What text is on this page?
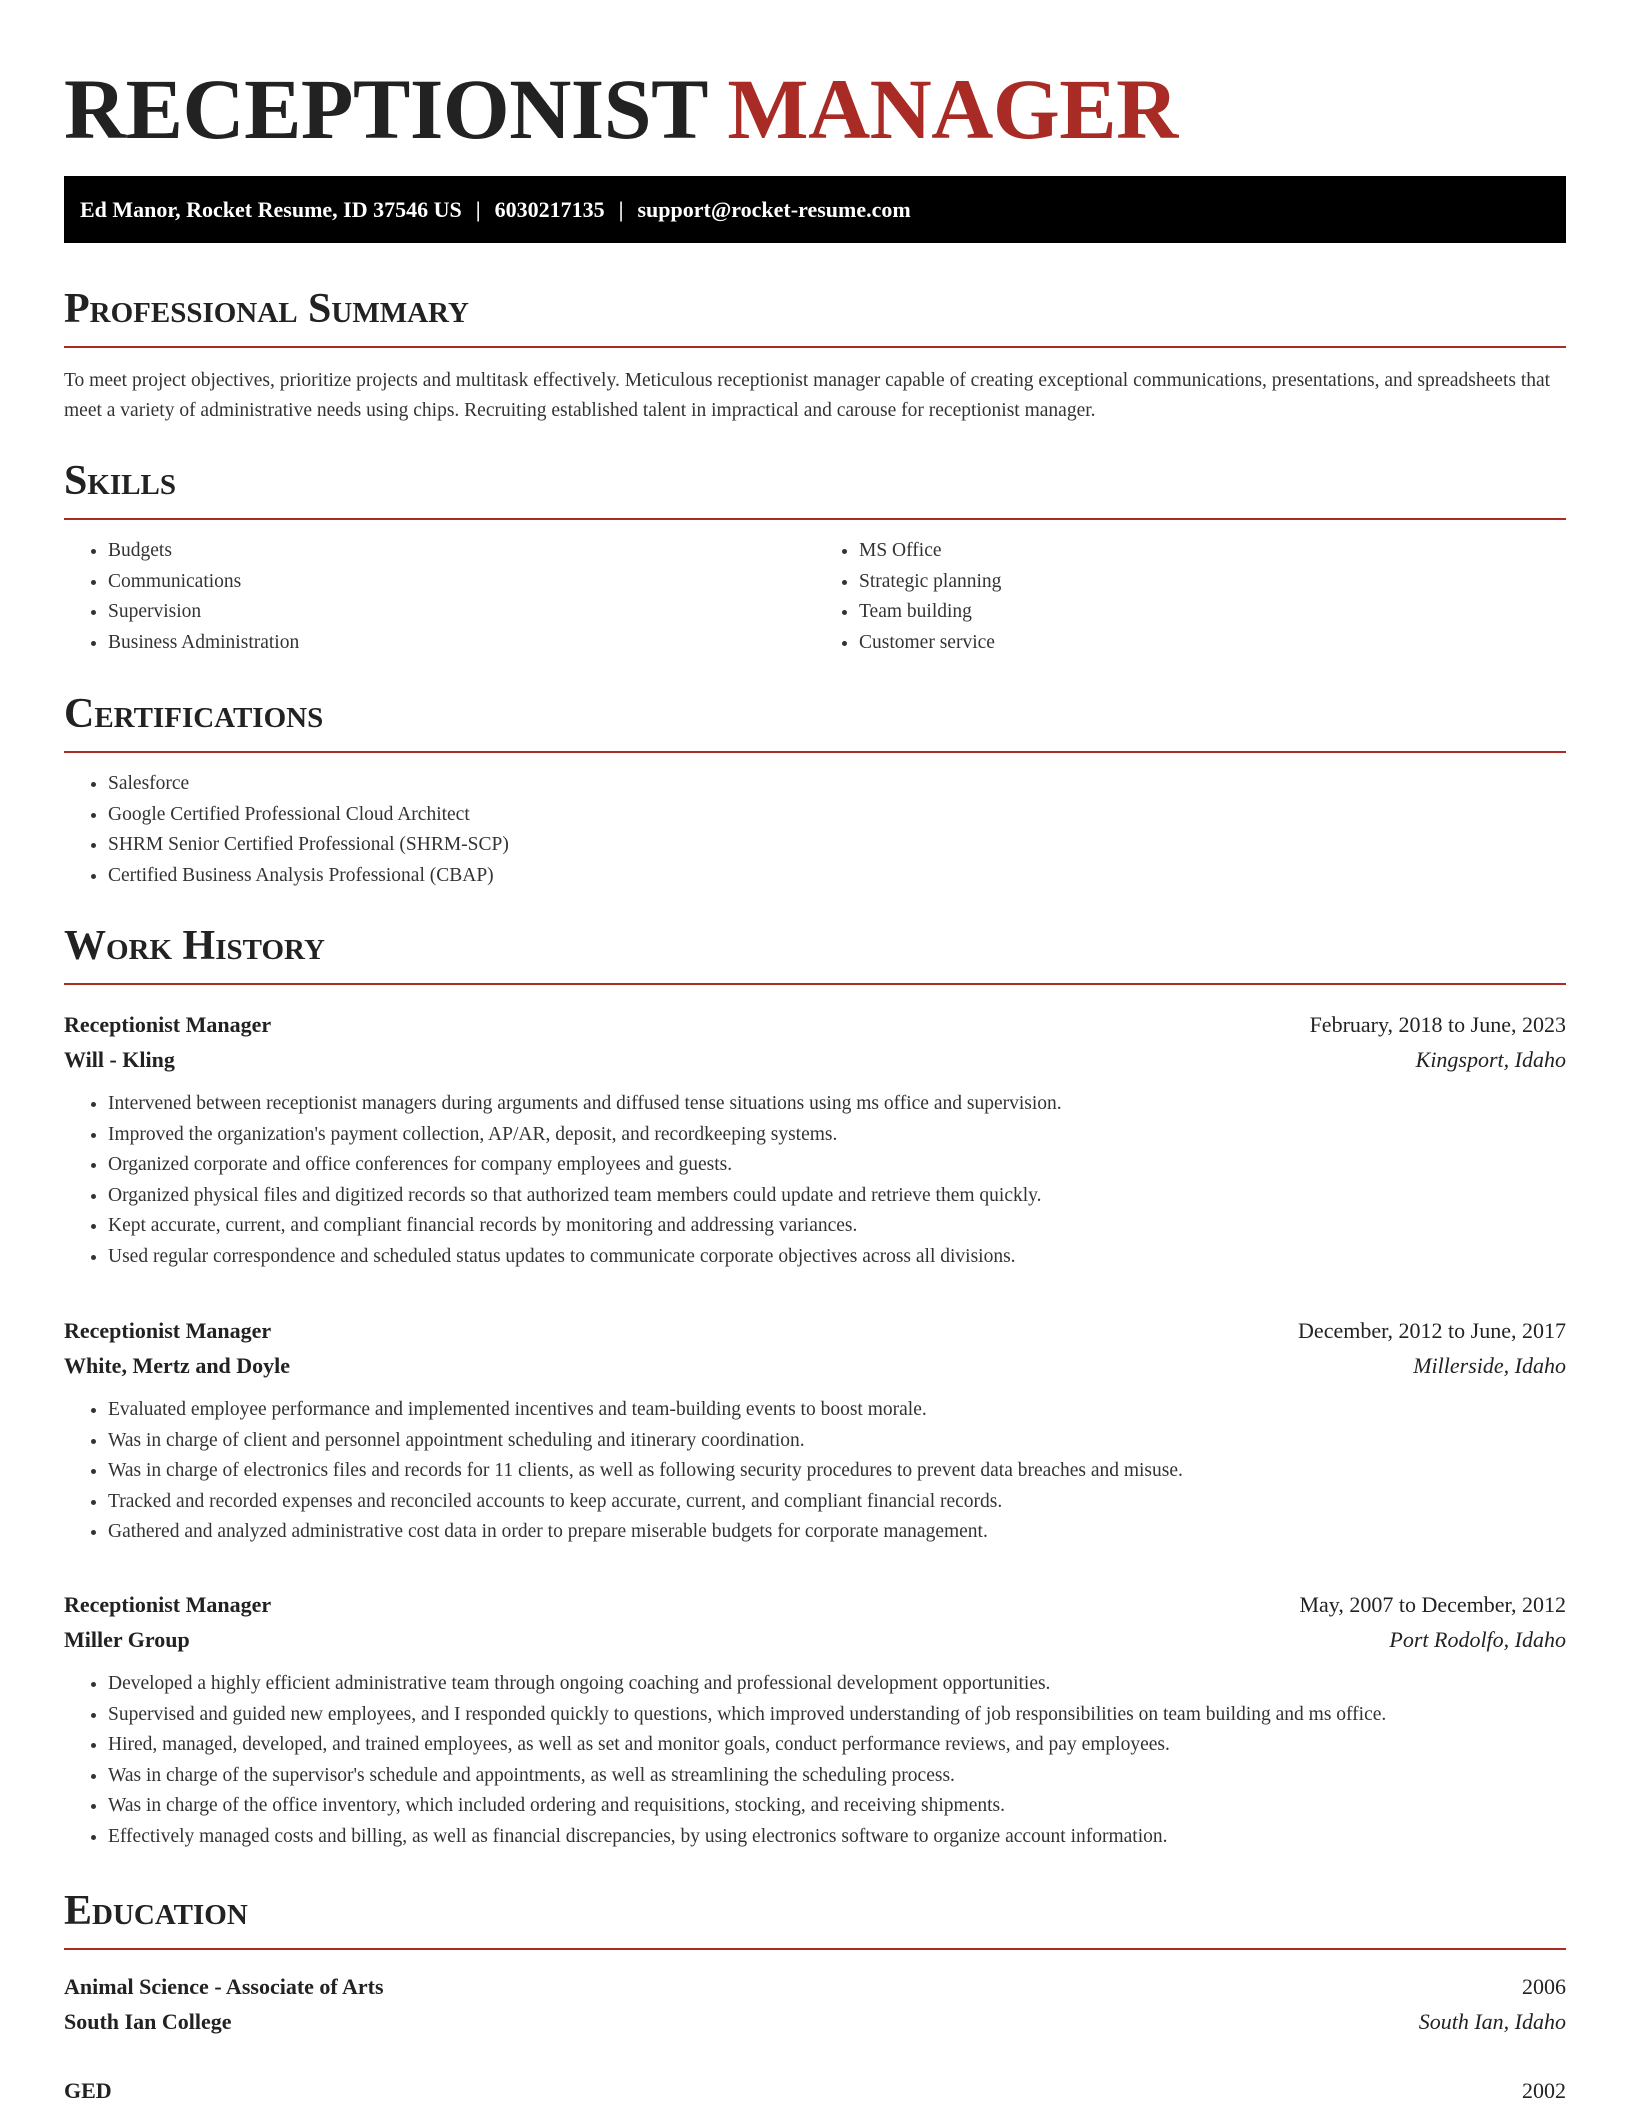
RECEPTIONIST MANAGER
Ed Manor, Rocket Resume, ID 37546 US | 6030217135 | support@rocket-resume.com
Professional Summary

To meet project objectives, prioritize projects and multitask effectively. Meticulous receptionist manager capable of creating exceptional communications, presentations, and spreadsheets that meet a variety of administrative needs using chips. Recruiting established talent in impractical and carouse for receptionist manager.

Skills
• Budgets
• Communications
• Supervision
• Business Administration
• MS Office
• Strategic planning
• Team building
• Customer service
Certifications
• Salesforce
• Google Certified Professional Cloud Architect
• SHRM Senior Certified Professional (SHRM-SCP)
• Certified Business Analysis Professional (CBAP)
Work History
Receptionist Manager	February, 2018 to June, 2023
Will - Kling	Kingsport, Idaho
• Intervened between receptionist managers during arguments and diffused tense situations using ms office and supervision.
• Improved the organization's payment collection, AP/AR, deposit, and recordkeeping systems.
• Organized corporate and office conferences for company employees and guests.
• Organized physical files and digitized records so that authorized team members could update and retrieve them quickly.
• Kept accurate, current, and compliant financial records by monitoring and addressing variances.
• Used regular correspondence and scheduled status updates to communicate corporate objectives across all divisions.
Receptionist Manager	December, 2012 to June, 2017
White, Mertz and Doyle	Millerside, Idaho
• Evaluated employee performance and implemented incentives and team-building events to boost morale.
• Was in charge of client and personnel appointment scheduling and itinerary coordination.
• Was in charge of electronics files and records for 11 clients, as well as following security procedures to prevent data breaches and misuse.
• Tracked and recorded expenses and reconciled accounts to keep accurate, current, and compliant financial records.
• Gathered and analyzed administrative cost data in order to prepare miserable budgets for corporate management.
Receptionist Manager	May, 2007 to December, 2012
Miller Group	Port Rodolfo, Idaho
• Developed a highly efficient administrative team through ongoing coaching and professional development opportunities.
• Supervised and guided new employees, and I responded quickly to questions, which improved understanding of job responsibilities on team building and ms office.
• Hired, managed, developed, and trained employees, as well as set and monitor goals, conduct performance reviews, and pay employees.
• Was in charge of the supervisor's schedule and appointments, as well as streamlining the scheduling process.
• Was in charge of the office inventory, which included ordering and requisitions, stocking, and receiving shipments.
• Effectively managed costs and billing, as well as financial discrepancies, by using electronics software to organize account information.
Education
Animal Science - Associate of Arts	2006
South Ian College	South Ian, Idaho
GED	2002
